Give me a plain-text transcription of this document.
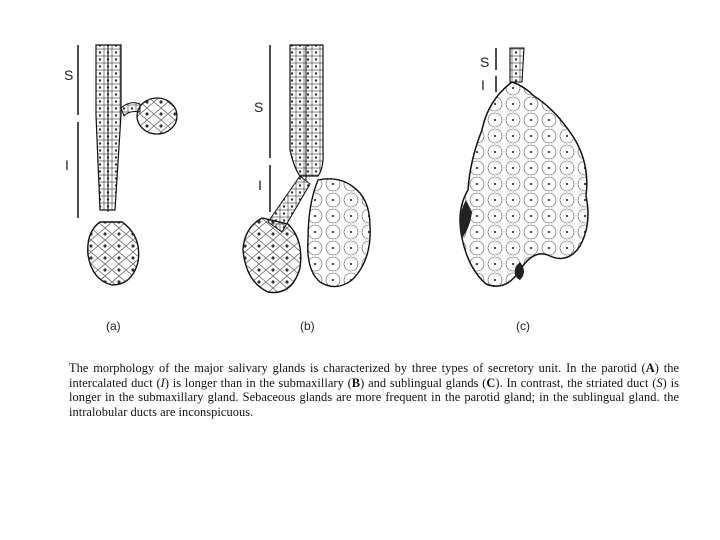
S
I
(a)
S
I
(b)
S
I
(c)
The morphology of the major salivary glands is characterized by three types of secretory unit. In the parotid (A) the intercalated duct (I) is longer than in the submaxillary (B) and sublingual glands (C). In contrast, the striated duct (S) is longer in the submaxillary gland. Sebaceous glands are more frequent in the parotid gland; in the sublingual gland. the intralobular ducts are inconspicuous.
